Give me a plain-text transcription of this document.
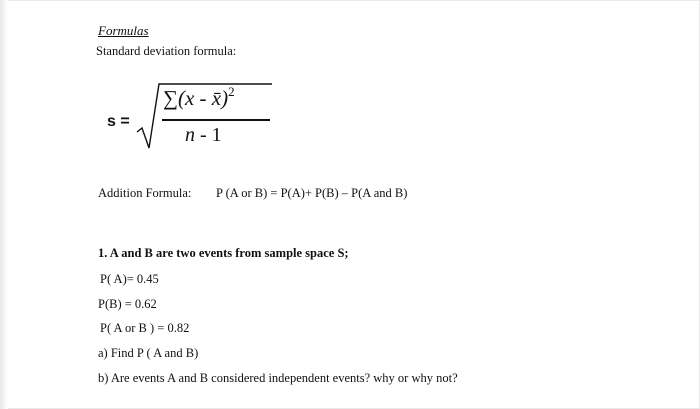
Formulas
Standard deviation formula:
s =
∑(x - x̄)$^2$
n - 1
Addition Formula: P (A or B) = P(A)+ P(B) – P(A and B)
1. A and B are two events from sample space S;
P( A)= 0.45
P(B) = 0.62
P( A or B ) = 0.82
a) Find P ( A and B)
b) Are events A and B considered independent events? why or why not?
